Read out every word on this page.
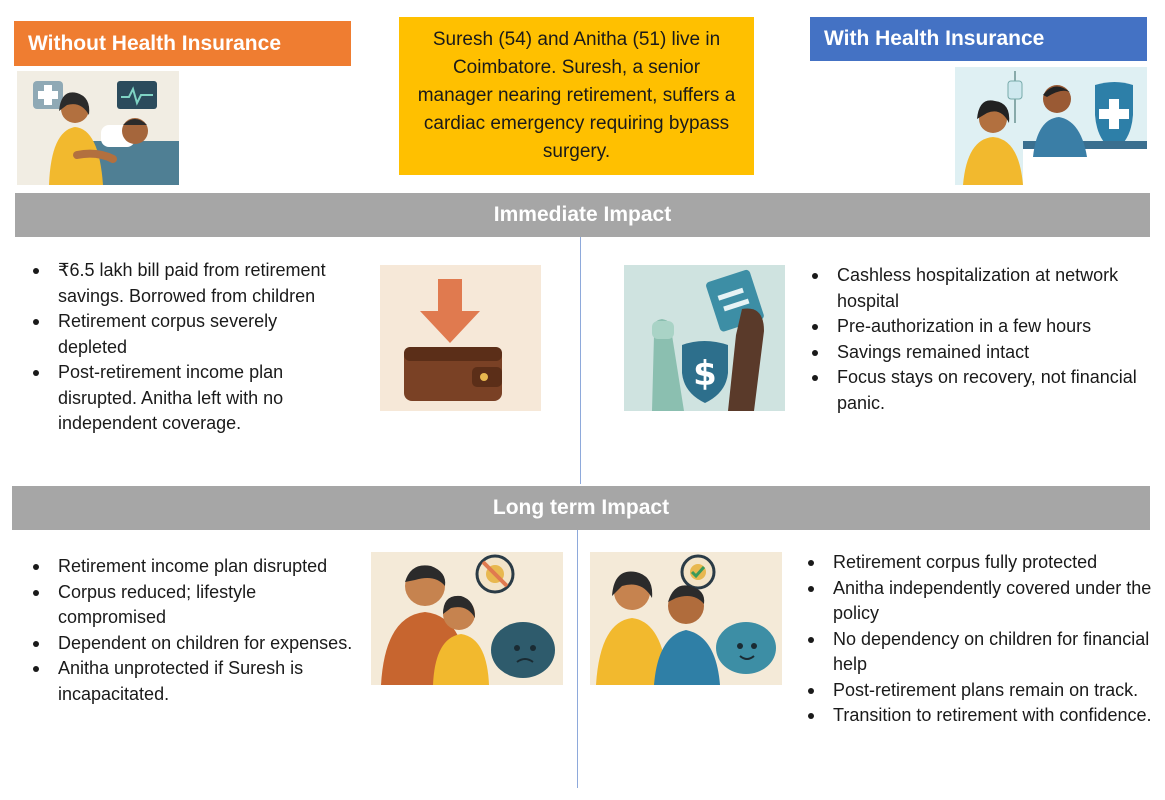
Without Health Insurance	With Health Insurance
Suresh (54) and Anitha (51) live in Coimbatore. Suresh, a senior manager nearing retirement, suffers a cardiac emergency requiring bypass surgery.
Immediate Impact
Long term Impact
₹6.5 lakh bill paid from retirement savings. Borrowed from children
Retirement corpus severely depleted
Post-retirement income plan disrupted. Anitha left with no independent coverage.
$
Cashless hospitalization at network hospital
Pre-authorization in a few hours
Savings remained intact
Focus stays on recovery, not financial panic.
Retirement income plan disrupted
Corpus reduced; lifestyle compromised
Dependent on children for expenses.
Anitha unprotected if Suresh is incapacitated.
Retirement corpus fully protected
Anitha independently covered under the policy
No dependency on children for financial help
Post-retirement plans remain on track.
Transition to retirement with confidence.
